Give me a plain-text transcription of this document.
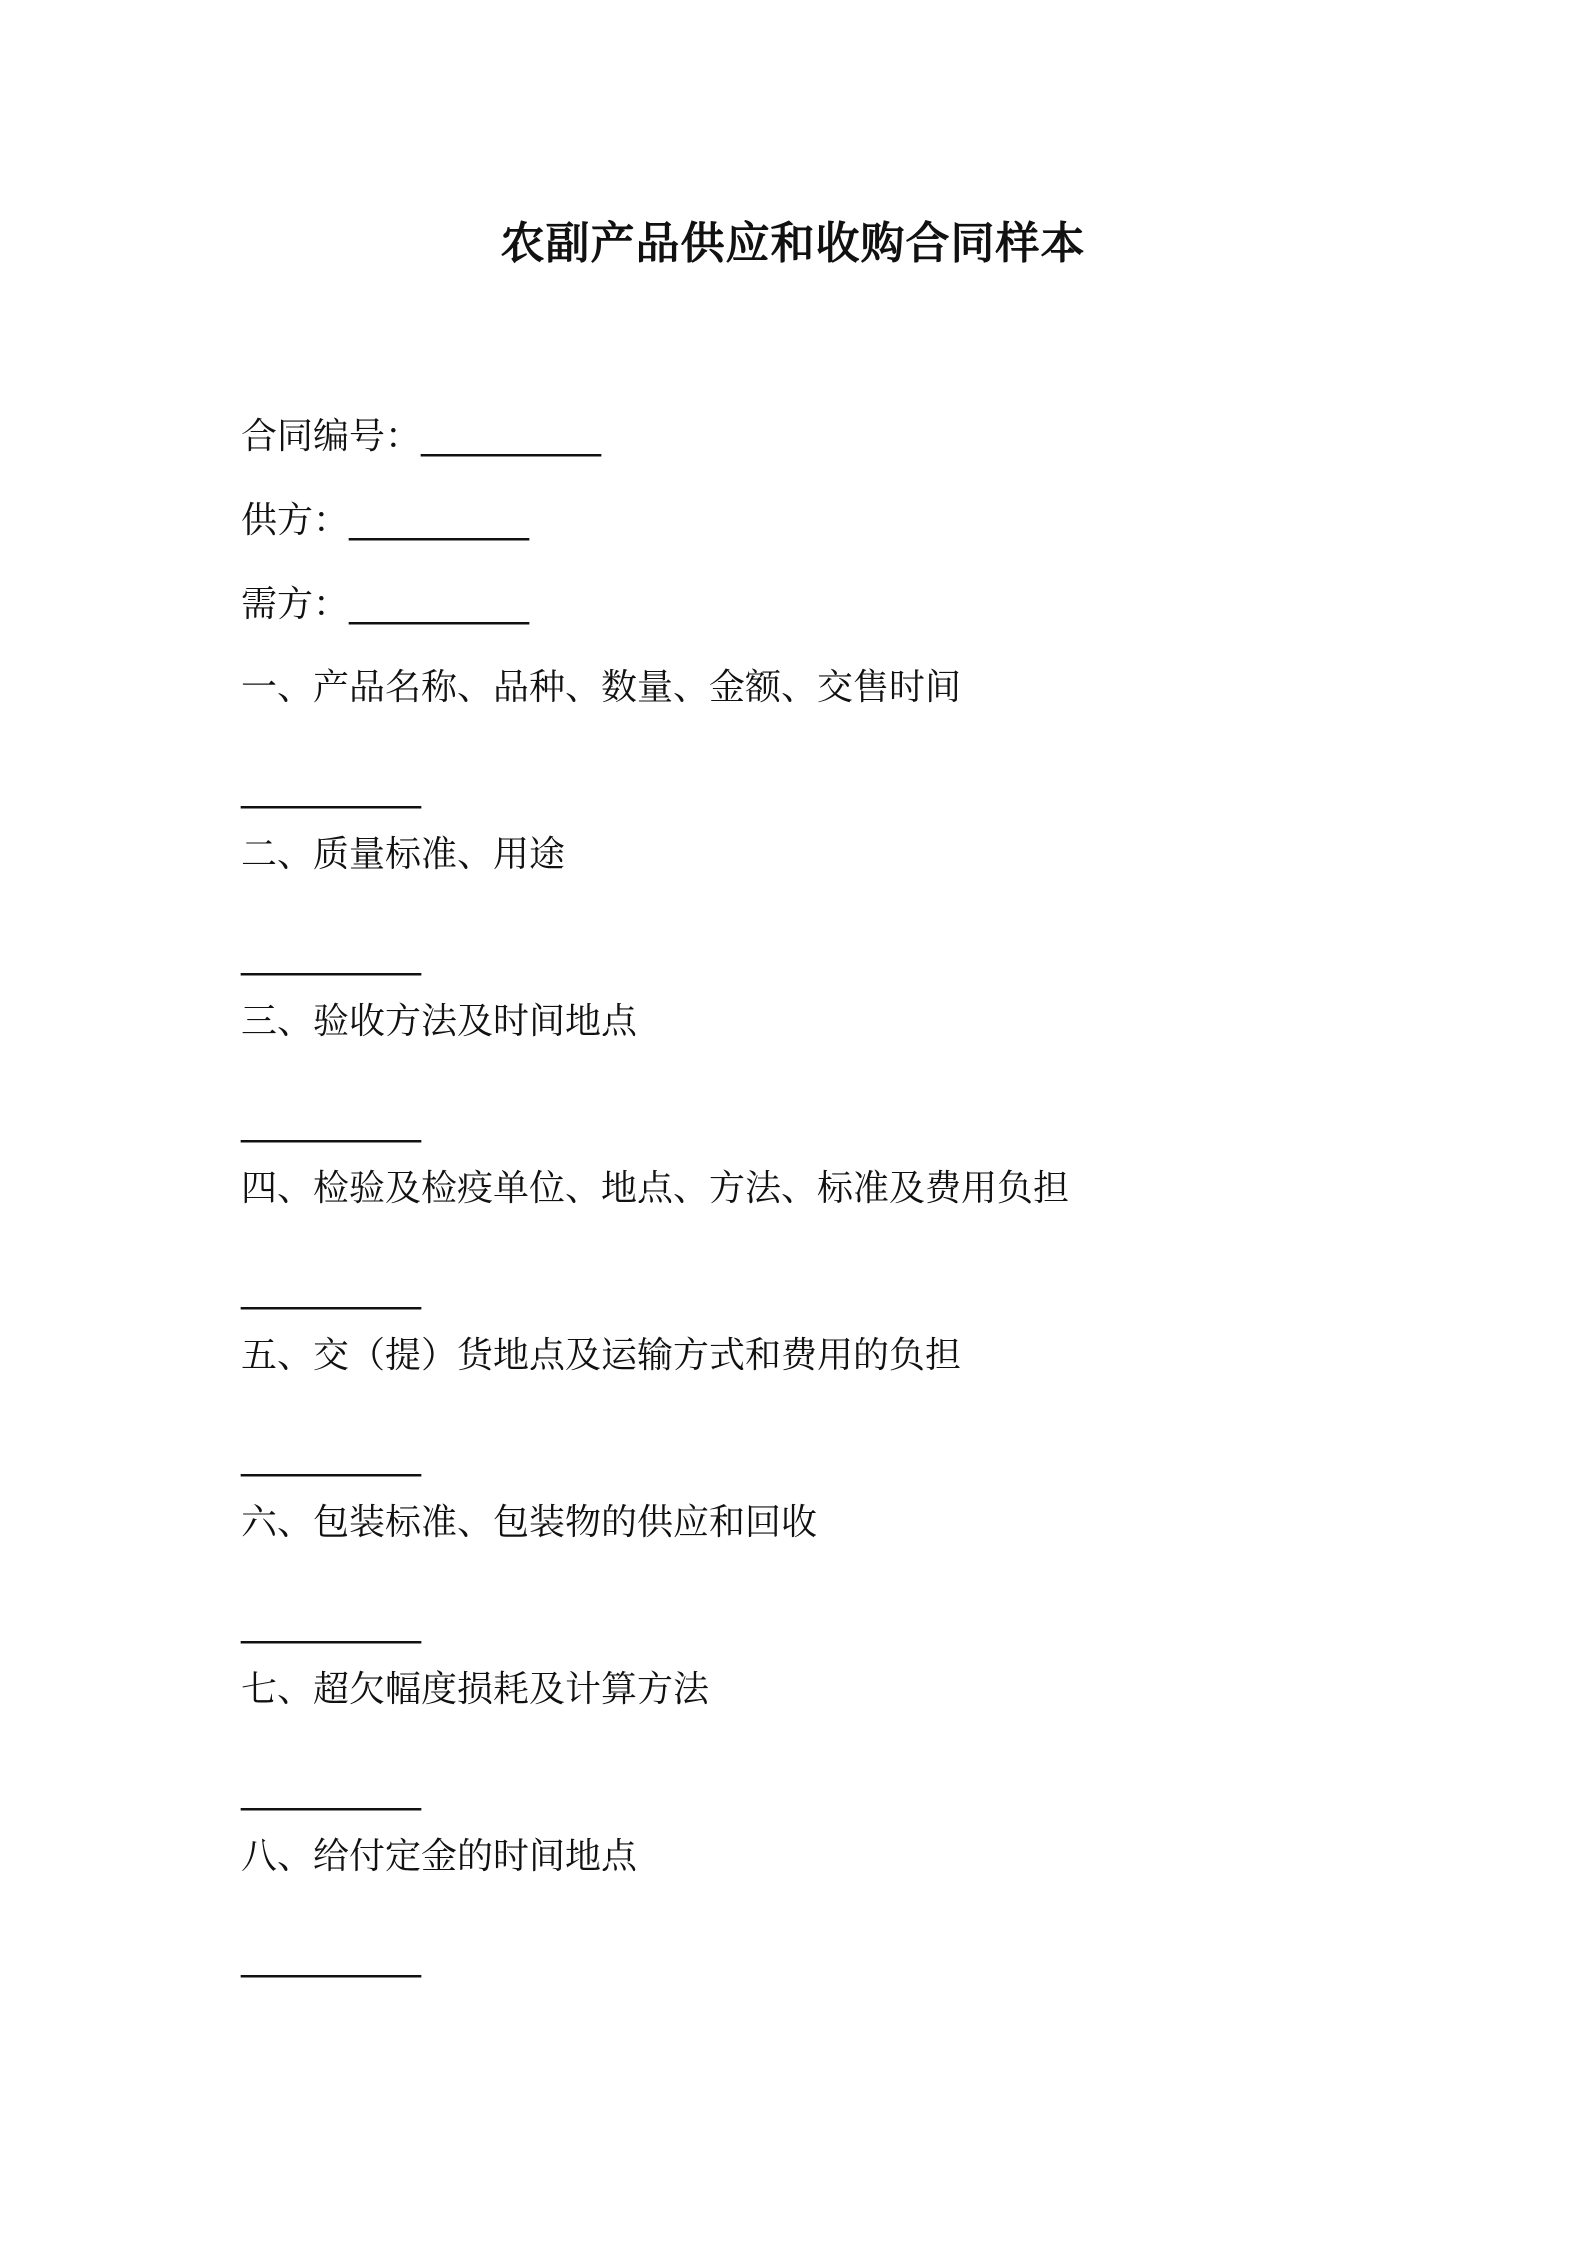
农副产品供应和收购合同样本
合同编号：__________
供方：__________
需方：__________
一、产品名称、品种、数量、金额、交售时间
__________
二、质量标准、用途
__________
三、验收方法及时间地点
__________
四、检验及检疫单位、地点、方法、标准及费用负担
__________
五、交（提）货地点及运输方式和费用的负担
__________
六、包装标准、包装物的供应和回收
__________
七、超欠幅度损耗及计算方法
__________
八、给付定金的时间地点
__________
